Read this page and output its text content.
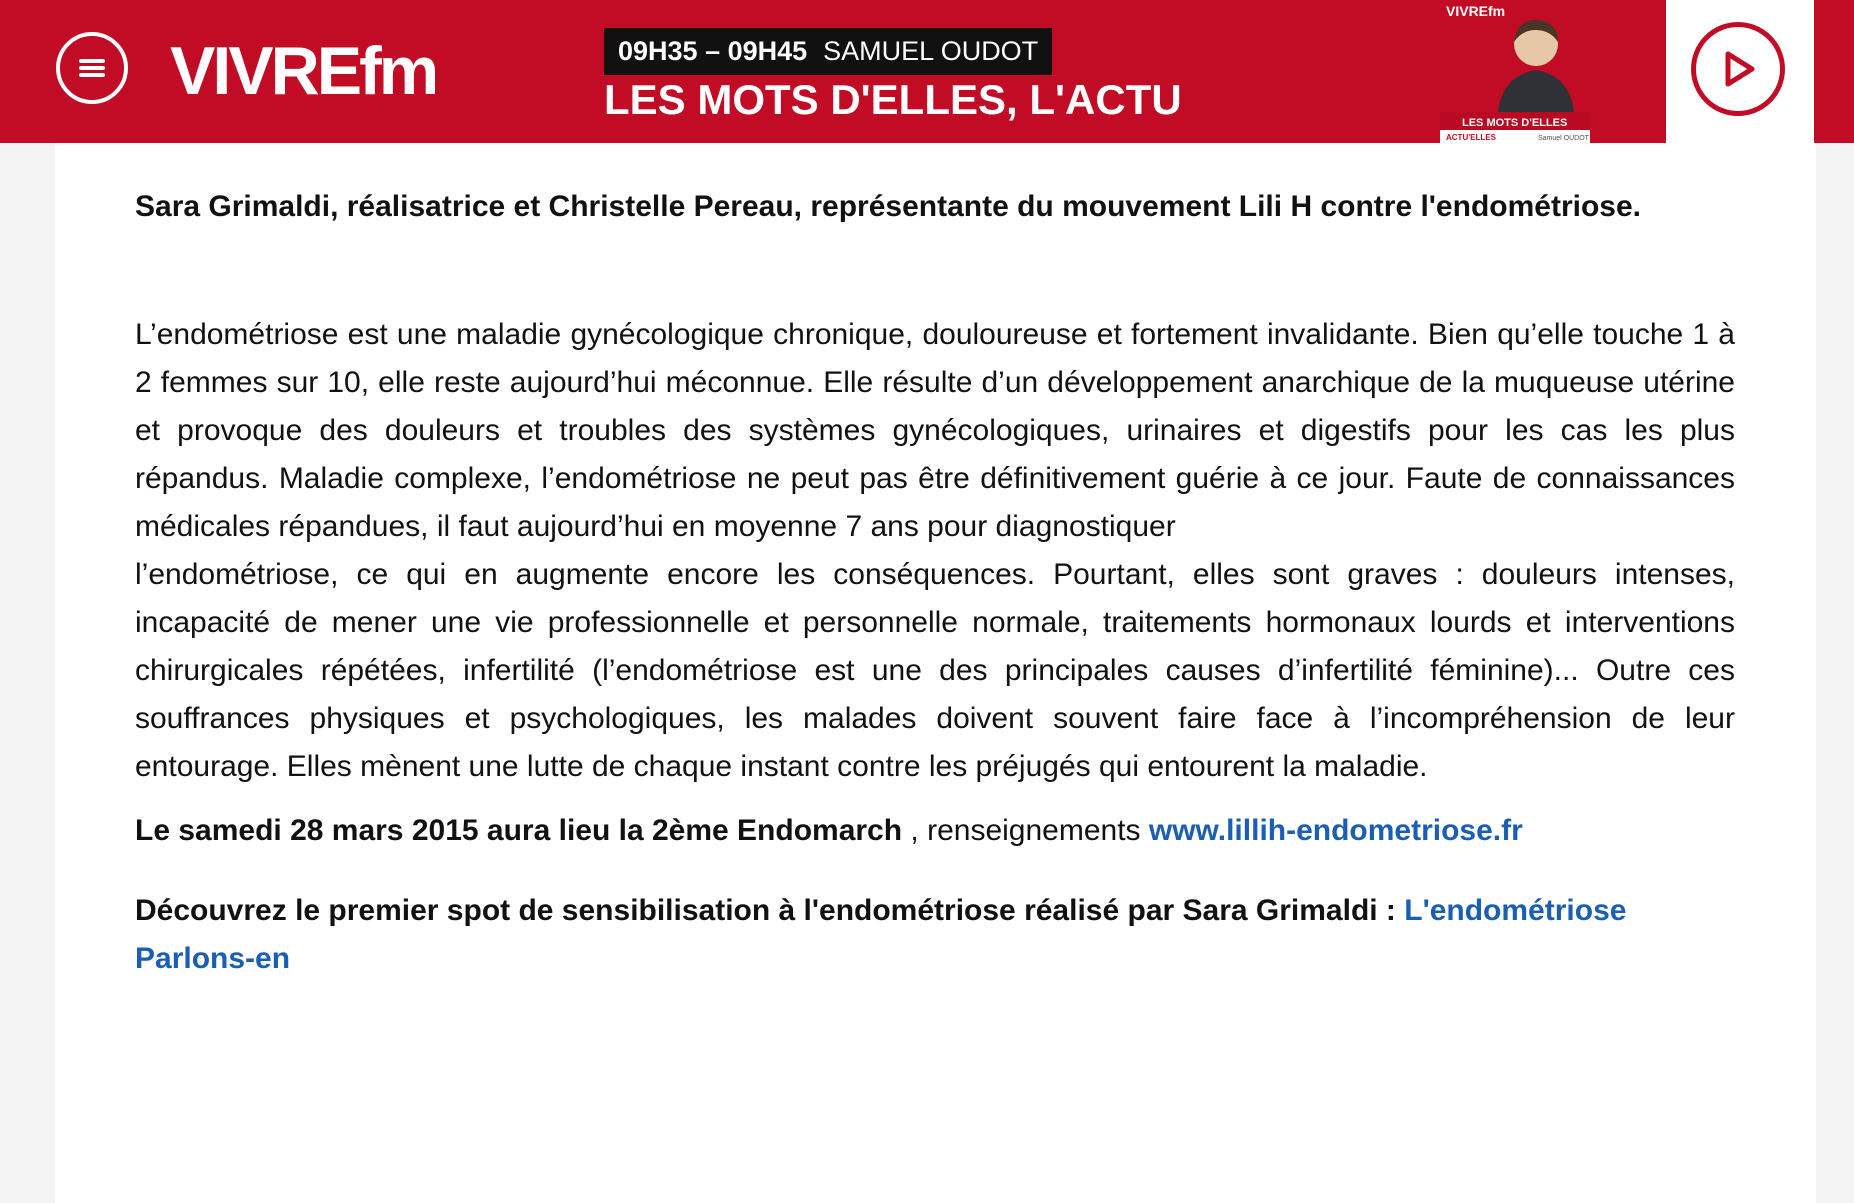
VIVREfm	09H35 – 09H45 SAMUEL OUDOT
LES MOTS D'ELLES, L'ACTU
VIVREfm
LES MOTS D'ELLES
ACTU'ELLES	Samuel OUDOT

Sara Grimaldi, réalisatrice et Christelle Pereau, représentante du mouvement Lili H contre l'endométriose.

L’endométriose est une maladie gynécologique chronique, douloureuse et fortement invalidante. Bien qu’elle touche 1 à 2 femmes sur 10, elle reste aujourd’hui méconnue. Elle résulte d’un développement anarchique de la muqueuse utérine et provoque des douleurs et troubles des systèmes gynécologiques, urinaires et digestifs pour les cas les plus répandus. Maladie complexe, l’endométriose ne peut pas être définitivement guérie à ce jour. Faute de connaissances médicales répandues, il faut aujourd’hui en moyenne 7 ans pour diagnostiquer
l’endométriose, ce qui en augmente encore les conséquences. Pourtant, elles sont graves : douleurs intenses, incapacité de mener une vie professionnelle et personnelle normale, traitements hormonaux lourds et interventions chirurgicales répétées, infertilité (l’endométriose est une des principales causes d’infertilité féminine)... Outre ces souffrances physiques et psychologiques, les malades doivent souvent faire face à l’incompréhension de leur entourage. Elles mènent une lutte de chaque instant contre les préjugés qui entourent la maladie.

Le samedi 28 mars 2015 aura lieu la 2ème Endomarch , renseignements www.lillih-endometriose.fr

Découvrez le premier spot de sensibilisation à l'endométriose réalisé par Sara Grimaldi : L'endométriose Parlons-en
